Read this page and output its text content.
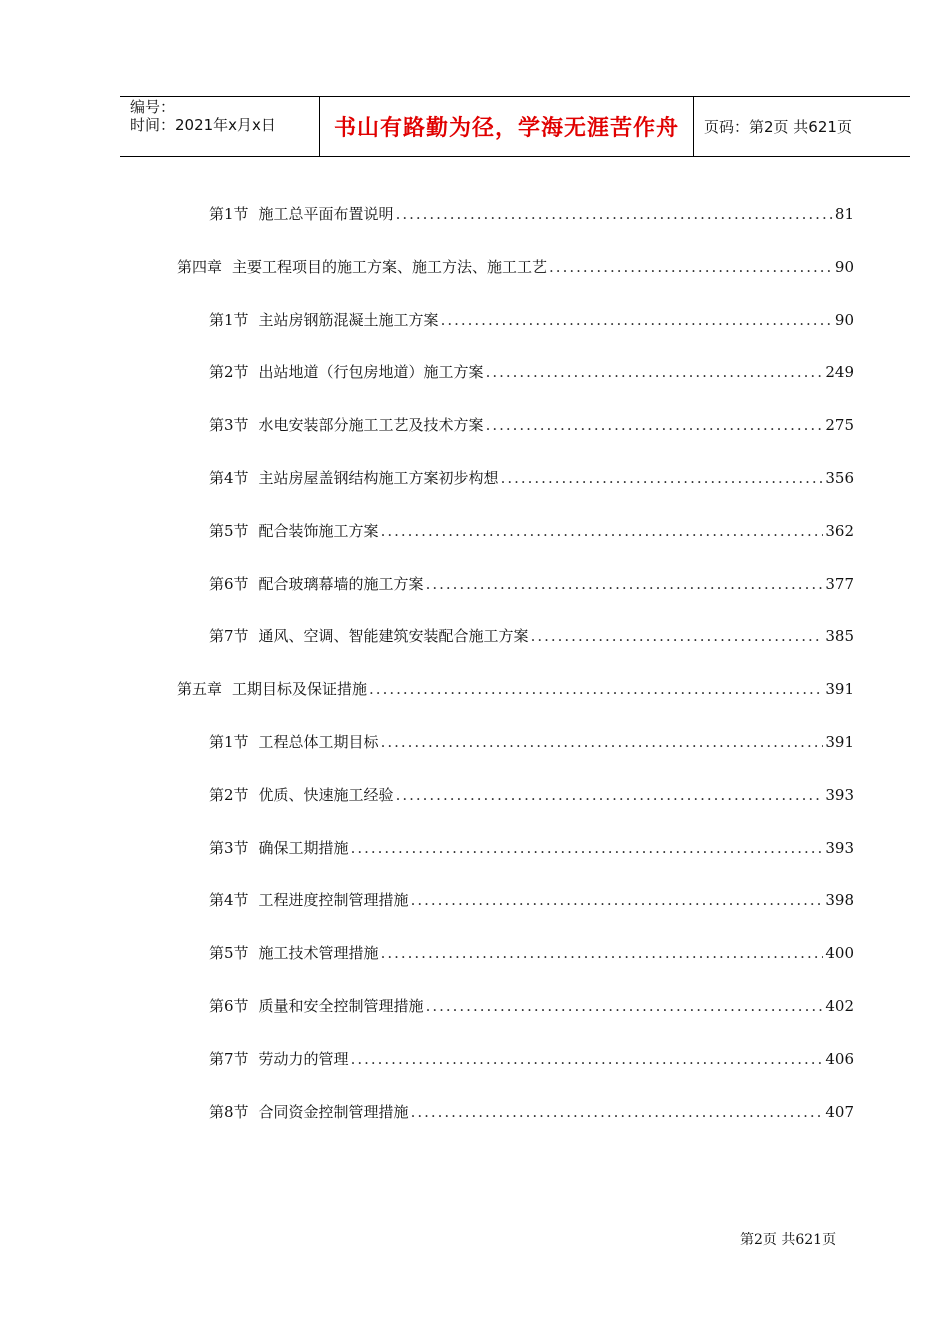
编号：
时间：2021年x月x日	书山有路勤为径，学海无涯苦作舟 页码：第2页 共621页
第1节 施工总平面布置说明 .....	81
第四章 主要工程项目的施工方案、施工方法、施工工艺 .....	90
第1节 主站房钢筋混凝土施工方案 .....	90
第2节 出站地道（行包房地道）施工方案 .....	249
第3节 水电安装部分施工工艺及技术方案 .....	275
第4节 主站房屋盖钢结构施工方案初步构想 .....	356
第5节 配合装饰施工方案 .....	362
第6节 配合玻璃幕墙的施工方案 .....	377
第7节 通风、空调、智能建筑安装配合施工方案 .....	385
第五章 工期目标及保证措施 .....	391
第1节 工程总体工期目标 .....	391
第2节 优质、快速施工经验 .....	393
第3节 确保工期措施 .....	393
第4节 工程进度控制管理措施 .....	398
第5节 施工技术管理措施 .....	400
第6节 质量和安全控制管理措施 .....	402
第7节 劳动力的管理 .....	406
第8节 合同资金控制管理措施 .....	407
第2页 共621页
